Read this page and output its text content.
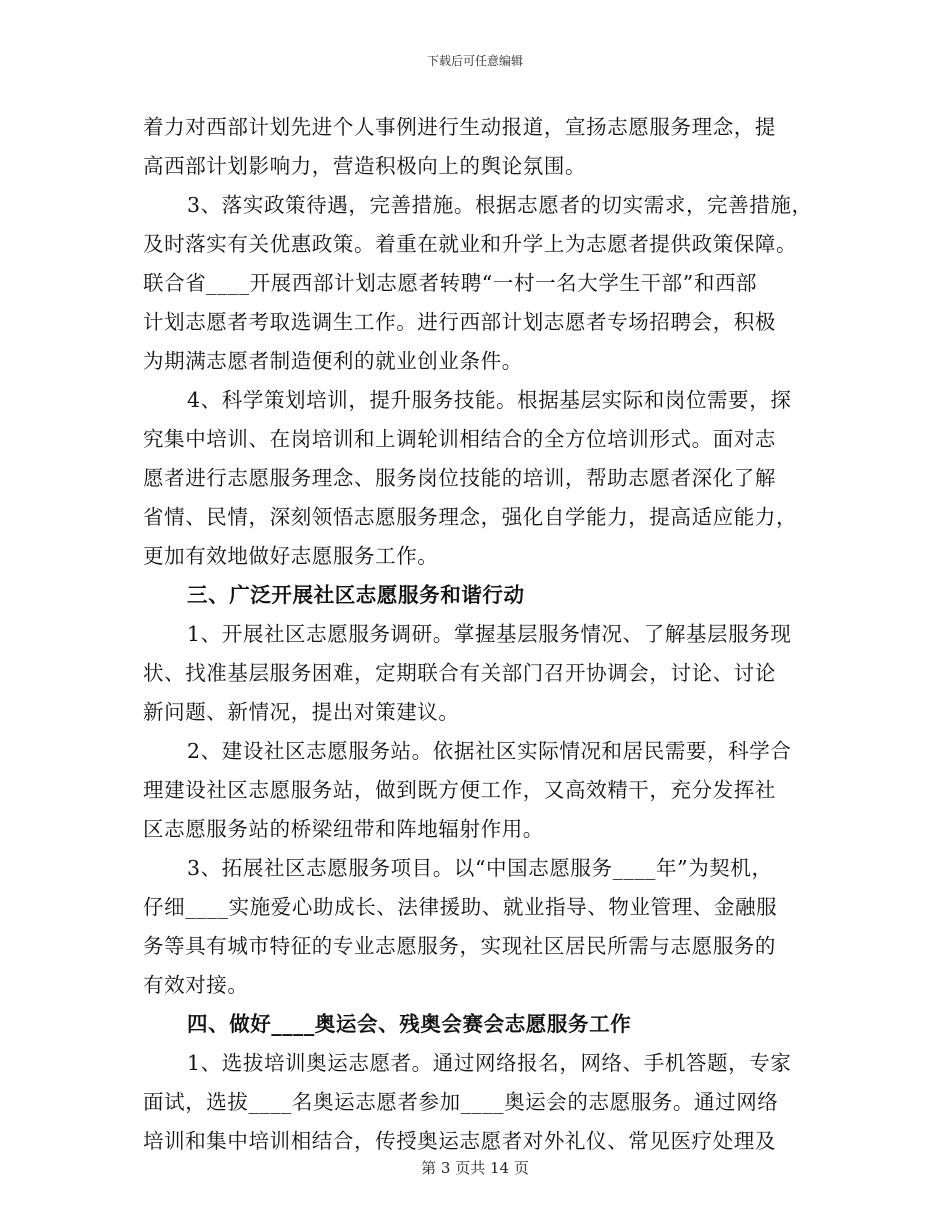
下载后可任意编辑
着力对西部计划先进个人事例进行生动报道，宣扬志愿服务理念，提
高西部计划影响力，营造积极向上的舆论氛围。
3、落实政策待遇，完善措施。根据志愿者的切实需求，完善措施，
及时落实有关优惠政策。着重在就业和升学上为志愿者提供政策保障。
联合省____开展西部计划志愿者转聘“一村一名大学生干部”和西部
计划志愿者考取选调生工作。进行西部计划志愿者专场招聘会，积极
为期满志愿者制造便利的就业创业条件。
4、科学策划培训，提升服务技能。根据基层实际和岗位需要，探
究集中培训、在岗培训和上调轮训相结合的全方位培训形式。面对志
愿者进行志愿服务理念、服务岗位技能的培训，帮助志愿者深化了解
省情、民情，深刻领悟志愿服务理念，强化自学能力，提高适应能力，
更加有效地做好志愿服务工作。
三、广泛开展社区志愿服务和谐行动
1、开展社区志愿服务调研。掌握基层服务情况、了解基层服务现
状、找准基层服务困难，定期联合有关部门召开协调会，讨论、讨论
新问题、新情况，提出对策建议。
2、建设社区志愿服务站。依据社区实际情况和居民需要，科学合
理建设社区志愿服务站，做到既方便工作，又高效精干，充分发挥社
区志愿服务站的桥梁纽带和阵地辐射作用。
3、拓展社区志愿服务项目。以“中国志愿服务____年”为契机，
仔细____实施爱心助成长、法律援助、就业指导、物业管理、金融服
务等具有城市特征的专业志愿服务，实现社区居民所需与志愿服务的
有效对接。
四、做好____奥运会、残奥会赛会志愿服务工作
1、选拔培训奥运志愿者。通过网络报名，网络、手机答题，专家
面试，选拔____名奥运志愿者参加____奥运会的志愿服务。通过网络
培训和集中培训相结合，传授奥运志愿者对外礼仪、常见医疗处理及
第 3 页共 14 页
